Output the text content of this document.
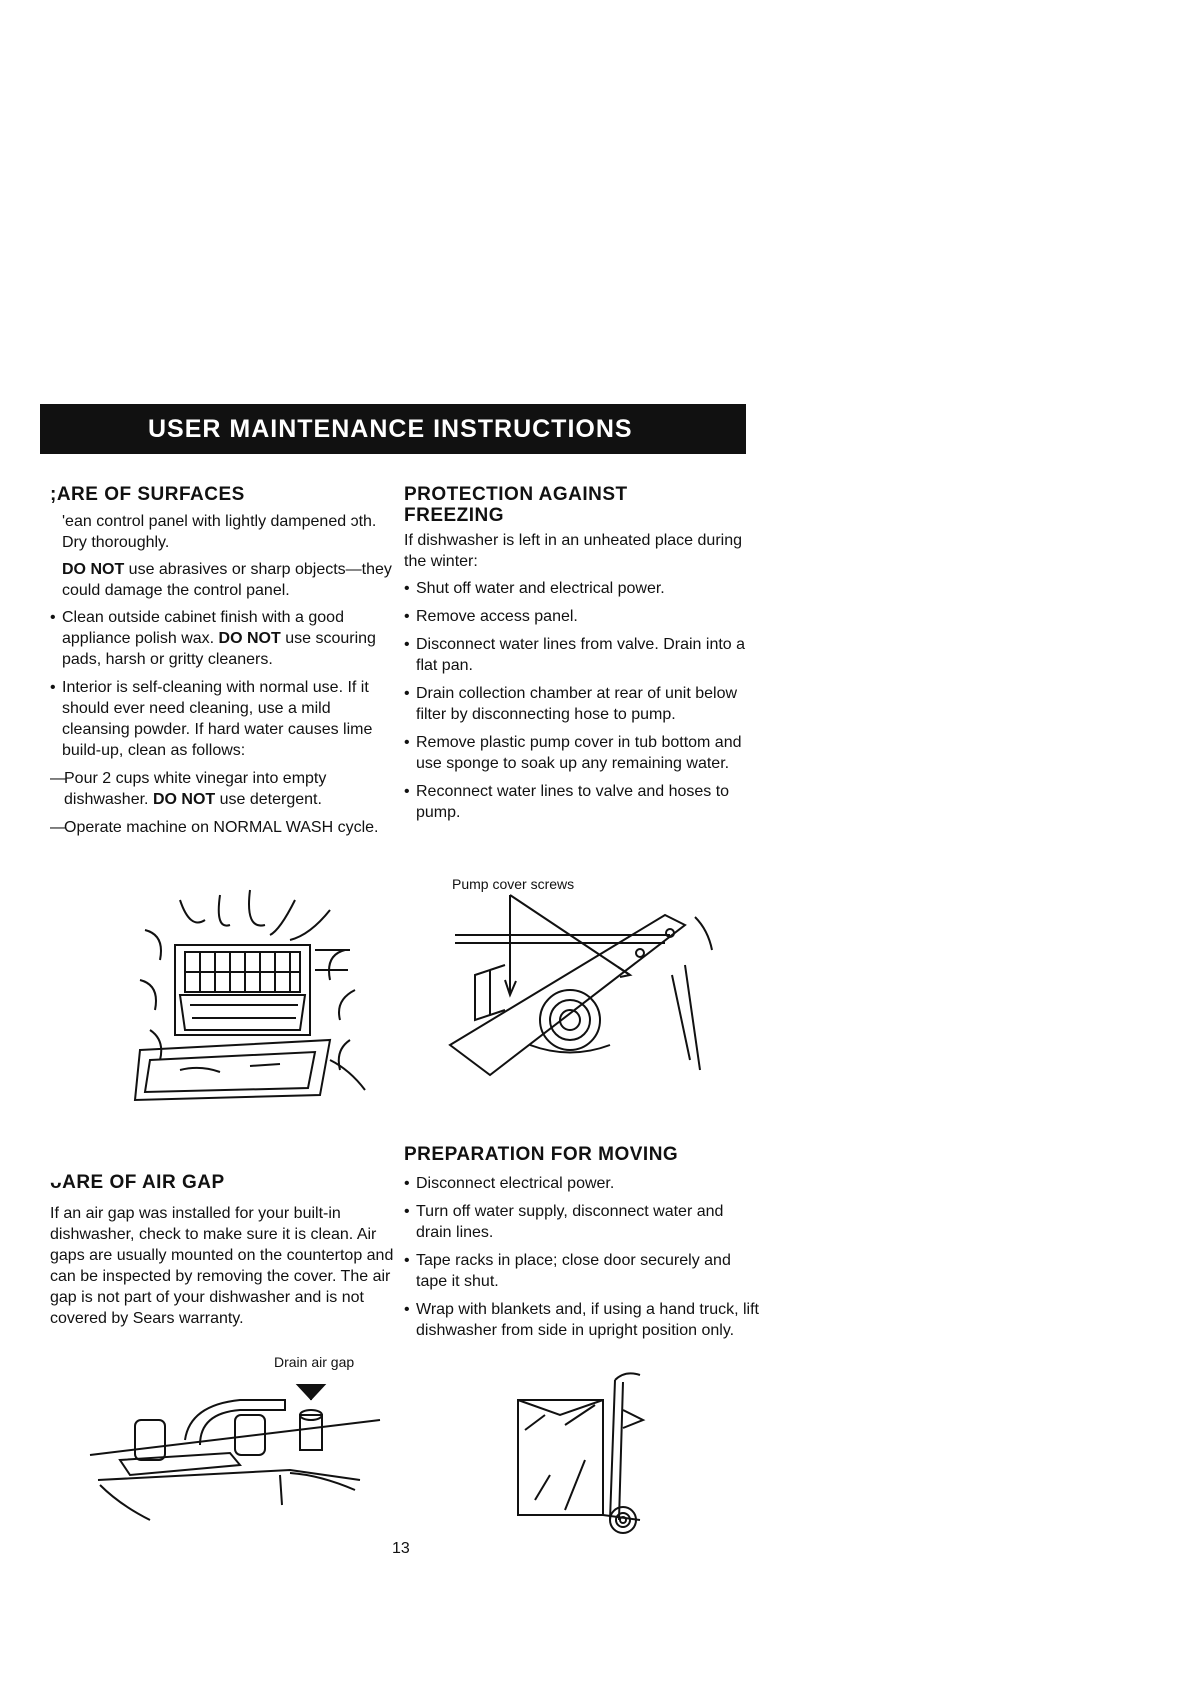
USER MAINTENANCE INSTRUCTIONS
;ARE OF SURFACES

'ean control panel with lightly dampened ɔth. Dry thoroughly.

DO NOT use abrasives or sharp objects—they could damage the control panel.

• Clean outside cabinet finish with a good appliance polish wax. DO NOT use scouring pads, harsh or gritty cleaners.

• Interior is self-cleaning with normal use. If it should ever need cleaning, use a mild cleansing powder. If hard water causes lime build-up, clean as follows:

— Pour 2 cups white vinegar into empty dishwasher. DO NOT use detergent.

— Operate machine on NORMAL WASH cycle.

PROTECTION AGAINST
FREEZING

If dishwasher is left in an unheated place during the winter:

• Shut off water and electrical power.

• Remove access panel.

• Disconnect water lines from valve. Drain into a flat pan.

• Drain collection chamber at rear of unit below filter by disconnecting hose to pump.

• Remove plastic pump cover in tub bottom and use sponge to soak up any remaining water.

• Reconnect water lines to valve and hoses to pump.

Pump cover screws
ᴗARE OF AIR GAP

If an air gap was installed for your built-in dishwasher, check to make sure it is clean. Air gaps are usually mounted on the countertop and can be inspected by removing the cover. The air gap is not part of your dishwasher and is not covered by Sears warranty.

Drain air gap
PREPARATION FOR MOVING

• Disconnect electrical power.

• Turn off water supply, disconnect water and drain lines.

• Tape racks in place; close door securely and tape it shut.

• Wrap with blankets and, if using a hand truck, lift dishwasher from side in upright position only.

13
